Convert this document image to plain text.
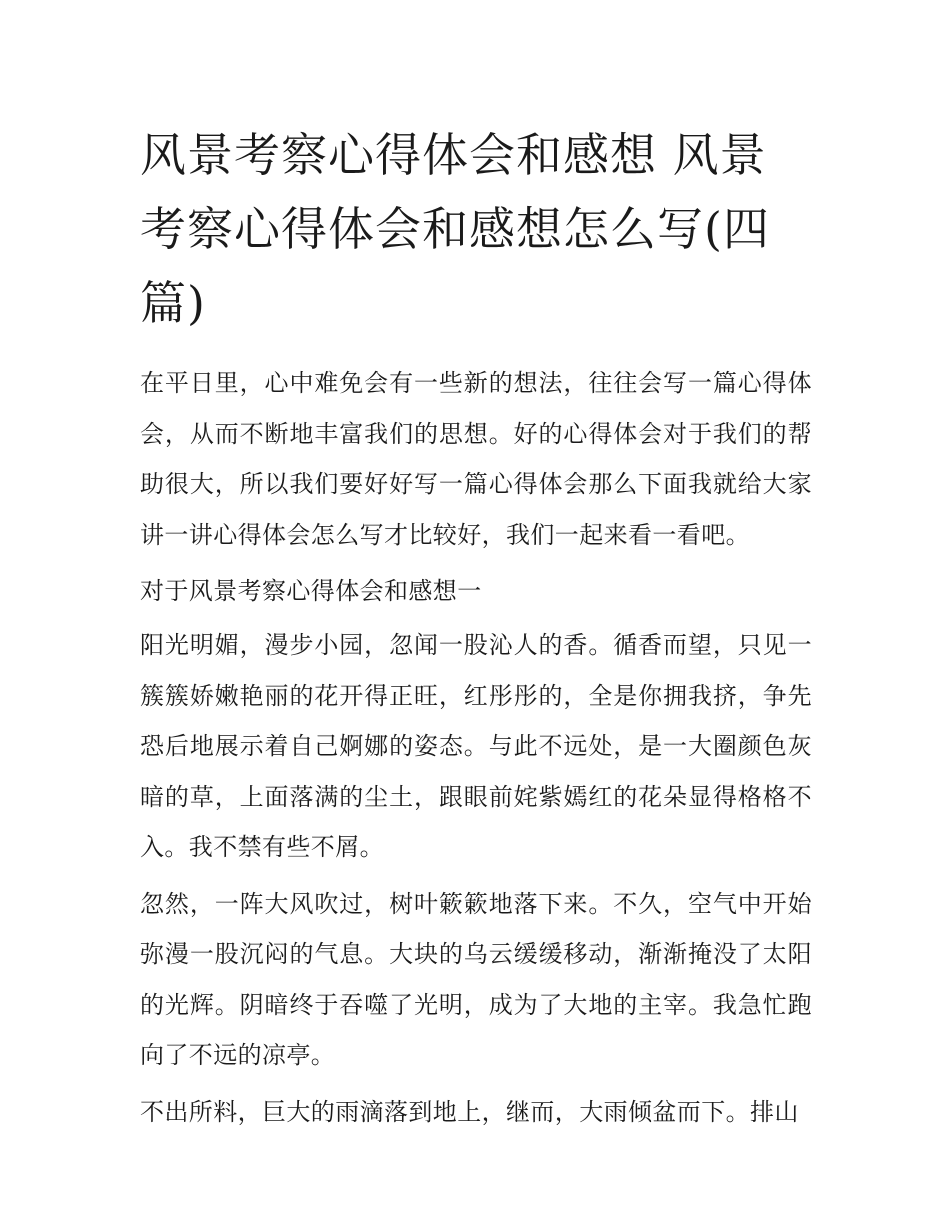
风景考察心得体会和感想 风景考察心得体会和感想怎么写(四篇)

在平日里，心中难免会有一些新的想法，往往会写一篇心得体会，从而不断地丰富我们的思想。好的心得体会对于我们的帮助很大，所以我们要好好写一篇心得体会那么下面我就给大家讲一讲心得体会怎么写才比较好，我们一起来看一看吧。

对于风景考察心得体会和感想一

阳光明媚，漫步小园，忽闻一股沁人的香。循香而望，只见一簇簇娇嫩艳丽的花开得正旺，红彤彤的，全是你拥我挤，争先恐后地展示着自己婀娜的姿态。与此不远处，是一大圈颜色灰暗的草，上面落满的尘土，跟眼前姹紫嫣红的花朵显得格格不入。我不禁有些不屑。

忽然，一阵大风吹过，树叶簌簌地落下来。不久，空气中开始弥漫一股沉闷的气息。大块的乌云缓缓移动，渐渐掩没了太阳的光辉。阴暗终于吞噬了光明，成为了大地的主宰。我急忙跑向了不远的凉亭。

不出所料，巨大的雨滴落到地上，继而，大雨倾盆而下。排山
